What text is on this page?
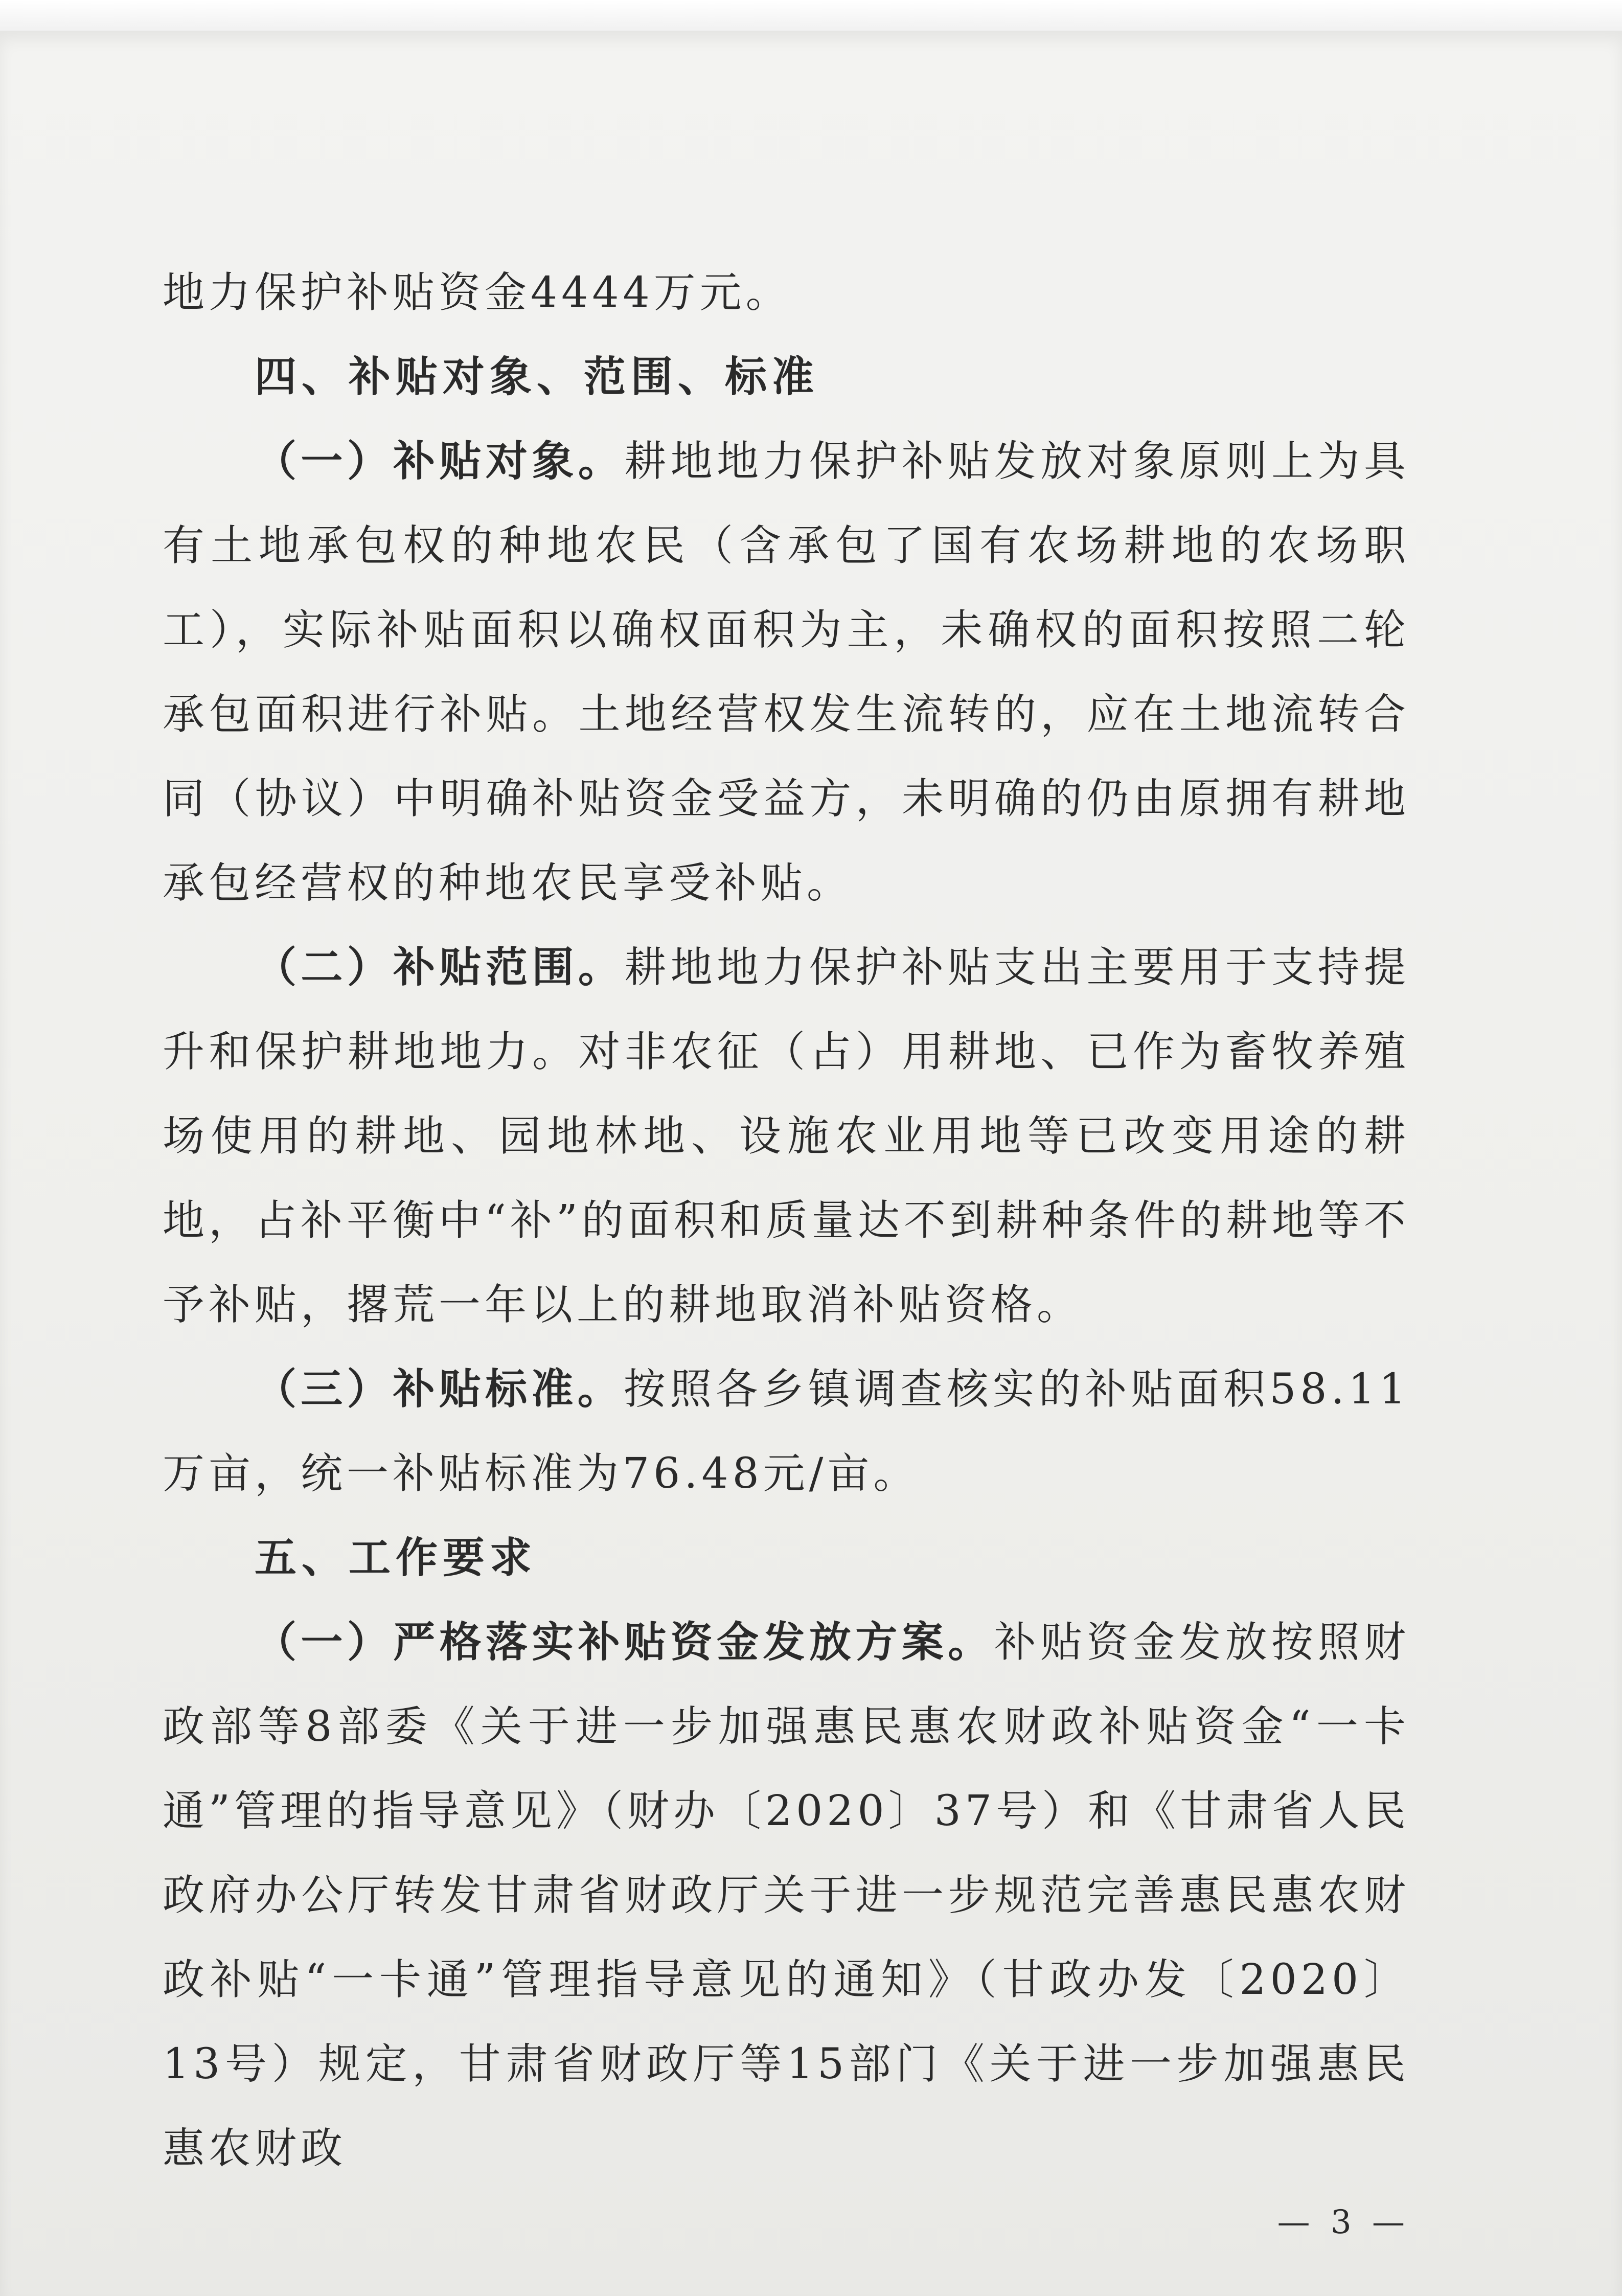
地力保护补贴资金4444万元。

四、补贴对象、范围、标准

（一）补贴对象。耕地地力保护补贴发放对象原则上为具有土地承包权的种地农民（含承包了国有农场耕地的农场职工），实际补贴面积以确权面积为主，未确权的面积按照二轮承包面积进行补贴。土地经营权发生流转的，应在土地流转合同（协议）中明确补贴资金受益方，未明确的仍由原拥有耕地承包经营权的种地农民享受补贴。

（二）补贴范围。耕地地力保护补贴支出主要用于支持提升和保护耕地地力。对非农征（占）用耕地、已作为畜牧养殖场使用的耕地、园地林地、设施农业用地等已改变用途的耕地，占补平衡中“补”的面积和质量达不到耕种条件的耕地等不予补贴，撂荒一年以上的耕地取消补贴资格。

（三）补贴标准。按照各乡镇调查核实的补贴面积58.11万亩，统一补贴标准为76.48元/亩。

五、工作要求

（一）严格落实补贴资金发放方案。补贴资金发放按照财政部等8部委《关于进一步加强惠民惠农财政补贴资金“一卡通”管理的指导意见》（财办〔2020〕37号）和《甘肃省人民政府办公厅转发甘肃省财政厅关于进一步规范完善惠民惠农财政补贴“一卡通”管理指导意见的通知》（甘政办发〔2020〕13号）规定，甘肃省财政厅等15部门《关于进一步加强惠民惠农财政

— 3 —
